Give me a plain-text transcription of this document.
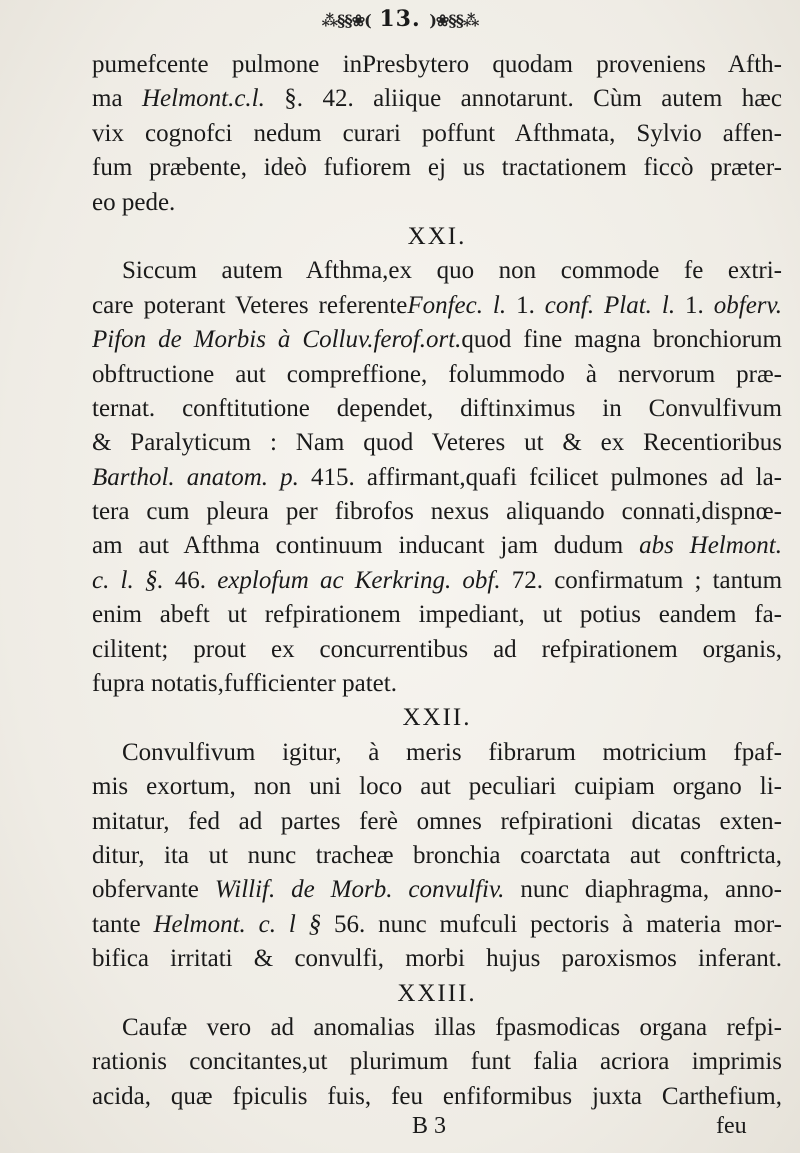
⁂§§❀( 13. )❀§§⁂
pumefcente pulmone inPresbytero quodam proveniens Afth-
ma Helmont.c.l. §. 42. aliique annotarunt. Cùm autem hæc
vix cognofci nedum curari poffunt Afthmata, Sylvio affen-
fum præbente, ideò fufiorem ej us tractationem ficcò præter-
eo pede.
XXI.
Siccum autem Afthma,ex quo non commode fe extri-
care poterant Veteres referenteFonfec. l. 1. conf. Plat. l. 1. obferv.
Pifon de Morbis à Colluv.ferof.ort.quod fine magna bronchiorum
obftructione aut compreffione, folummodo à nervorum præ-
ternat. conftitutione dependet, diftinximus in Convulfivum
& Paralyticum : Nam quod Veteres ut & ex Recentioribus
Barthol. anatom. p. 415. affirmant,quafi fcilicet pulmones ad la-
tera cum pleura per fibrofos nexus aliquando connati,dispnœ-
am aut Afthma continuum inducant jam dudum abs Helmont.
c. l. §. 46. explofum ac Kerkring. obf. 72. confirmatum ; tantum
enim abeft ut refpirationem impediant, ut potius eandem fa-
cilitent; prout ex concurrentibus ad refpirationem organis,
fupra notatis,fufficienter patet.
XXII.
Convulfivum igitur, à meris fibrarum motricium fpaf-
mis exortum, non uni loco aut peculiari cuipiam organo li-
mitatur, fed ad partes ferè omnes refpirationi dicatas exten-
ditur, ita ut nunc tracheæ bronchia coarctata aut conftricta,
obfervante Willif. de Morb. convulfiv. nunc diaphragma, anno-
tante Helmont. c. l § 56. nunc mufculi pectoris à materia mor-
bifica irritati & convulfi, morbi hujus paroxismos inferant.
XXIII.
Caufæ vero ad anomalias illas fpasmodicas organa refpi-
rationis concitantes,ut plurimum funt falia acriora imprimis
acida, quæ fpiculis fuis, feu enfiformibus juxta Carthefium,
B 3	feu
